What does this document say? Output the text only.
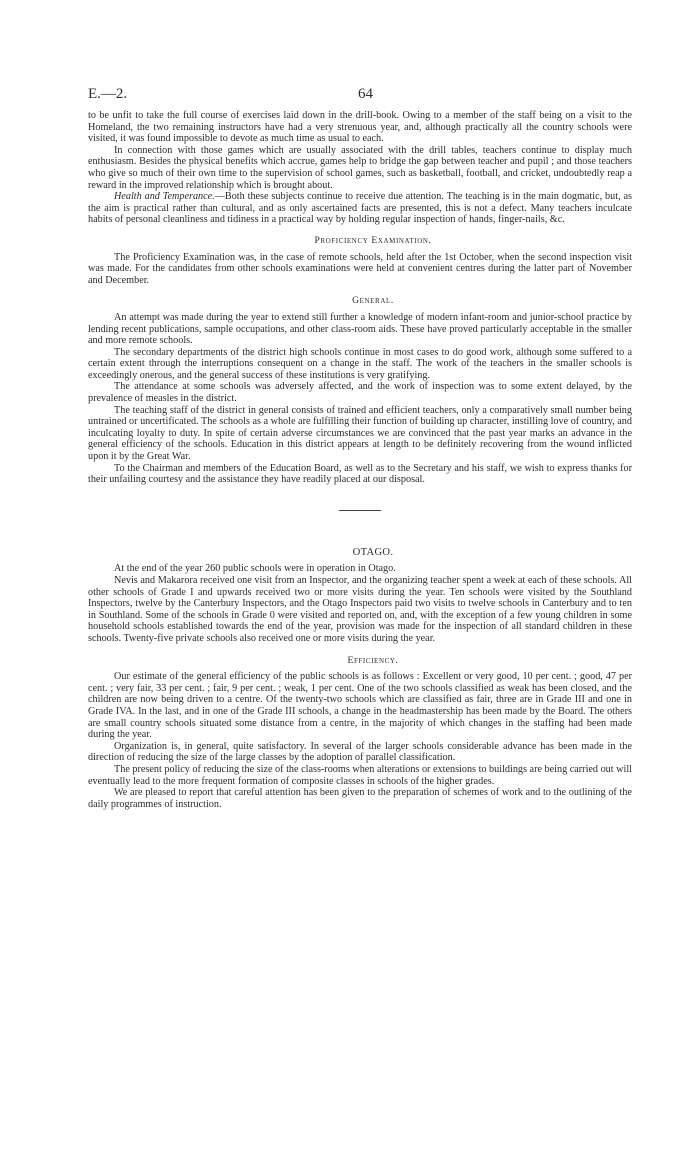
E.—2.	64

to be unfit to take the full course of exercises laid down in the drill-book. Owing to a member of the staff being on a visit to the Homeland, the two remaining instructors have had a very strenuous year, and, although practically all the country schools were visited, it was found impossible to devote as much time as usual to each.

In connection with those games which are usually associated with the drill tables, teachers continue to display much enthusiasm. Besides the physical benefits which accrue, games help to bridge the gap between teacher and pupil ; and those teachers who give so much of their own time to the supervision of school games, such as basketball, football, and cricket, undoubtedly reap a reward in the improved relationship which is brought about.

Health and Temperance.—Both these subjects continue to receive due attention. The teaching is in the main dogmatic, but, as the aim is practical rather than cultural, and as only ascertained facts are presented, this is not a defect. Many teachers inculcate habits of personal cleanliness and tidiness in a practical way by holding regular inspection of hands, finger-nails, &c.

Proficiency Examination.

The Proficiency Examination was, in the case of remote schools, held after the 1st October, when the second inspection visit was made. For the candidates from other schools examinations were held at convenient centres during the latter part of November and December.

General.

An attempt was made during the year to extend still further a knowledge of modern infant-room and junior-school practice by lending recent publications, sample occupations, and other class-room aids. These have proved particularly acceptable in the smaller and more remote schools.

The secondary departments of the district high schools continue in most cases to do good work, although some suffered to a certain extent through the interruptions consequent on a change in the staff. The work of the teachers in the smaller schools is exceedingly onerous, and the general success of these institutions is very gratifying.

The attendance at some schools was adversely affected, and the work of inspection was to some extent delayed, by the prevalence of measles in the district.

The teaching staff of the district in general consists of trained and efficient teachers, only a comparatively small number being untrained or uncertificated. The schools as a whole are fulfilling their function of building up character, instilling love of country, and inculcating loyalty to duty. In spite of certain adverse circumstances we are convinced that the past year marks an advance in the general efficiency of the schools. Education in this district appears at length to be definitely recovering from the wound inflicted upon it by the Great War.

To the Chairman and members of the Education Board, as well as to the Secretary and his staff, we wish to express thanks for their unfailing courtesy and the assistance they have readily placed at our disposal.

OTAGO.

At the end of the year 260 public schools were in operation in Otago.

Nevis and Makarora received one visit from an Inspector, and the organizing teacher spent a week at each of these schools. All other schools of Grade I and upwards received two or more visits during the year. Ten schools were visited by the Southland Inspectors, twelve by the Canterbury Inspectors, and the Otago Inspectors paid two visits to twelve schools in Canterbury and to ten in Southland. Some of the schools in Grade 0 were visited and reported on, and, with the exception of a few young children in some household schools established towards the end of the year, provision was made for the inspection of all standard children in these schools. Twenty-five private schools also received one or more visits during the year.

Efficiency.

Our estimate of the general efficiency of the public schools is as follows : Excellent or very good, 10 per cent. ; good, 47 per cent. ; very fair, 33 per cent. ; fair, 9 per cent. ; weak, 1 per cent. One of the two schools classified as weak has been closed, and the children are now being driven to a centre. Of the twenty-two schools which are classified as fair, three are in Grade III and one in Grade IVA. In the last, and in one of the Grade III schools, a change in the headmastership has been made by the Board. The others are small country schools situated some distance from a centre, in the majority of which changes in the staffing had been made during the year.

Organization is, in general, quite satisfactory. In several of the larger schools considerable advance has been made in the direction of reducing the size of the large classes by the adoption of parallel classification.

The present policy of reducing the size of the class-rooms when alterations or extensions to buildings are being carried out will eventually lead to the more frequent formation of composite classes in schools of the higher grades.

We are pleased to report that careful attention has been given to the preparation of schemes of work and to the outlining of the daily programmes of instruction.
